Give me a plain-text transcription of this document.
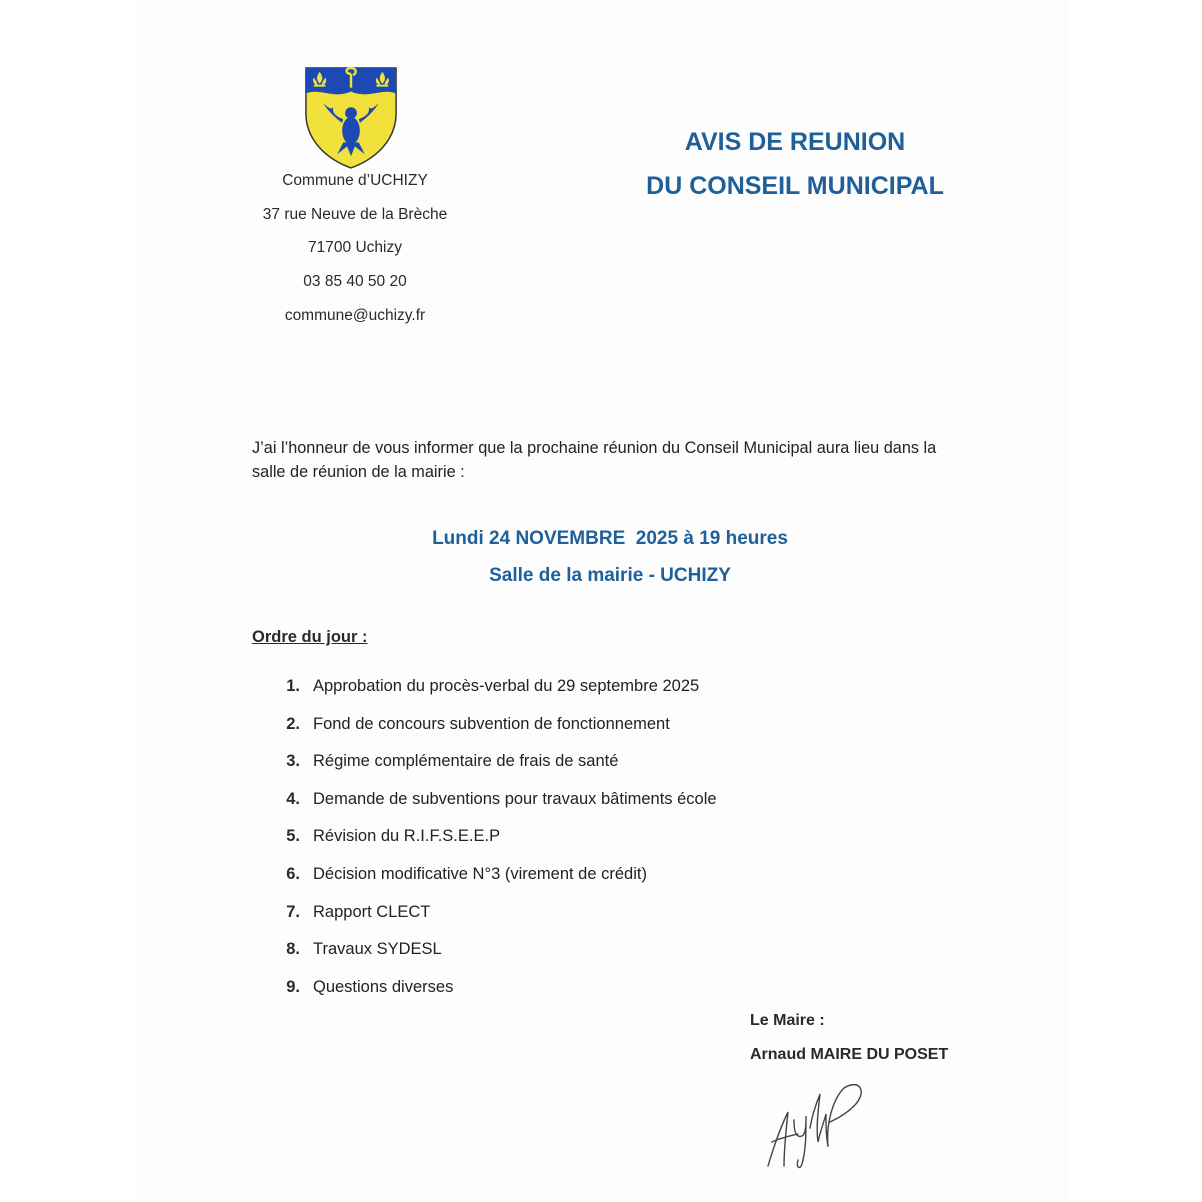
Commune d’UCHIZY
37 rue Neuve de la Brèche
71700 Uchizy
03 85 40 50 20
commune@uchizy.fr
AVIS DE REUNION
DU CONSEIL MUNICIPAL
J’ai l’honneur de vous informer que la prochaine réunion du Conseil Municipal aura lieu dans la salle de réunion de la mairie :
Lundi 24 NOVEMBRE  2025 à 19 heures
Salle de la mairie - UCHIZY
Ordre du jour :
1. Approbation du procès-verbal du 29 septembre 2025
2. Fond de concours subvention de fonctionnement
3. Régime complémentaire de frais de santé
4. Demande de subventions pour travaux bâtiments école
5. Révision du R.I.F.S.E.E.P
6. Décision modificative N°3 (virement de crédit)
7. Rapport CLECT
8. Travaux SYDESL
9. Questions diverses
Le Maire :
Arnaud MAIRE DU POSET
